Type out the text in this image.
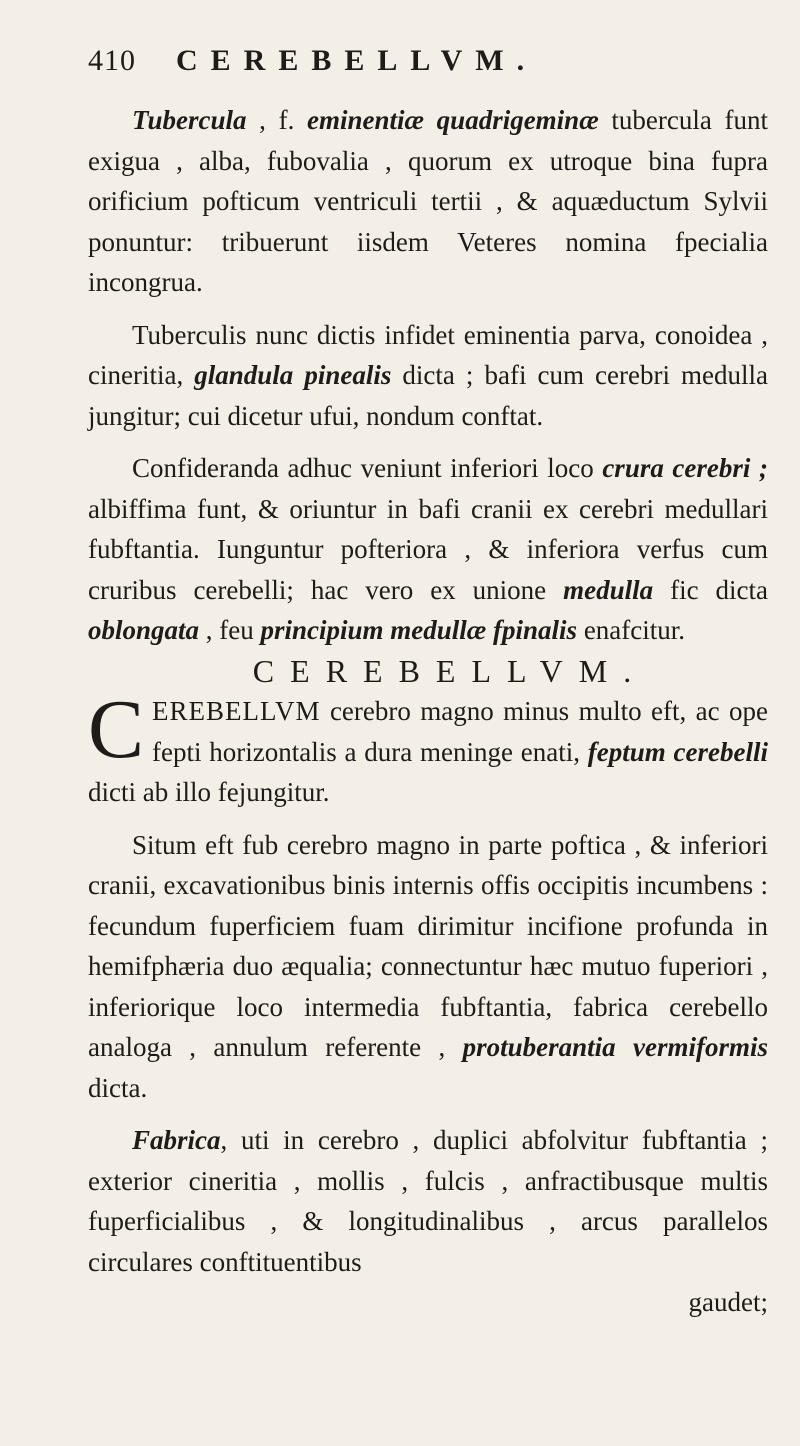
410 CEREBELLVM.

Tubercula , f. eminentiæ quadrigeminæ tubercula funt exigua , alba, fubovalia , quorum ex utroque bina fupra orificium pofticum ventriculi tertii , & aquæductum Sylvii ponuntur: tribuerunt iisdem Veteres nomina fpecialia incongrua.

Tuberculis nunc dictis infidet eminentia parva, conoidea , cineritia, glandula pinealis dicta ; bafi cum cerebri medulla jungitur; cui dicetur ufui, nondum conftat.

Confideranda adhuc veniunt inferiori loco crura cerebri ; albiffima funt, & oriuntur in bafi cranii ex cerebri medullari fubftantia. Iunguntur pofteriora , & inferiora verfus cum cruribus cerebelli; hac vero ex unione medulla fic dicta oblongata , feu principium medullæ fpinalis enafcitur.

CEREBELLVM.

CEREBELLVM cerebro magno minus multo eft, ac ope fepti horizontalis a dura meninge enati, feptum cerebelli dicti ab illo fejungitur.

Situm eft fub cerebro magno in parte poftica , & inferiori cranii, excavationibus binis internis offis occipitis incumbens : fecundum fuperficiem fuam dirimitur incifione profunda in hemifphæria duo æqualia; connectuntur hæc mutuo fuperiori , inferiorique loco intermedia fubftantia, fabrica cerebello analoga , annulum referente , protuberantia vermiformis dicta.

Fabrica, uti in cerebro , duplici abfolvitur fubftantia ; exterior cineritia , mollis , fulcis , anfractibusque multis fuperficialibus , & longitudinalibus , arcus parallelos circulares conftituentibus

gaudet;
